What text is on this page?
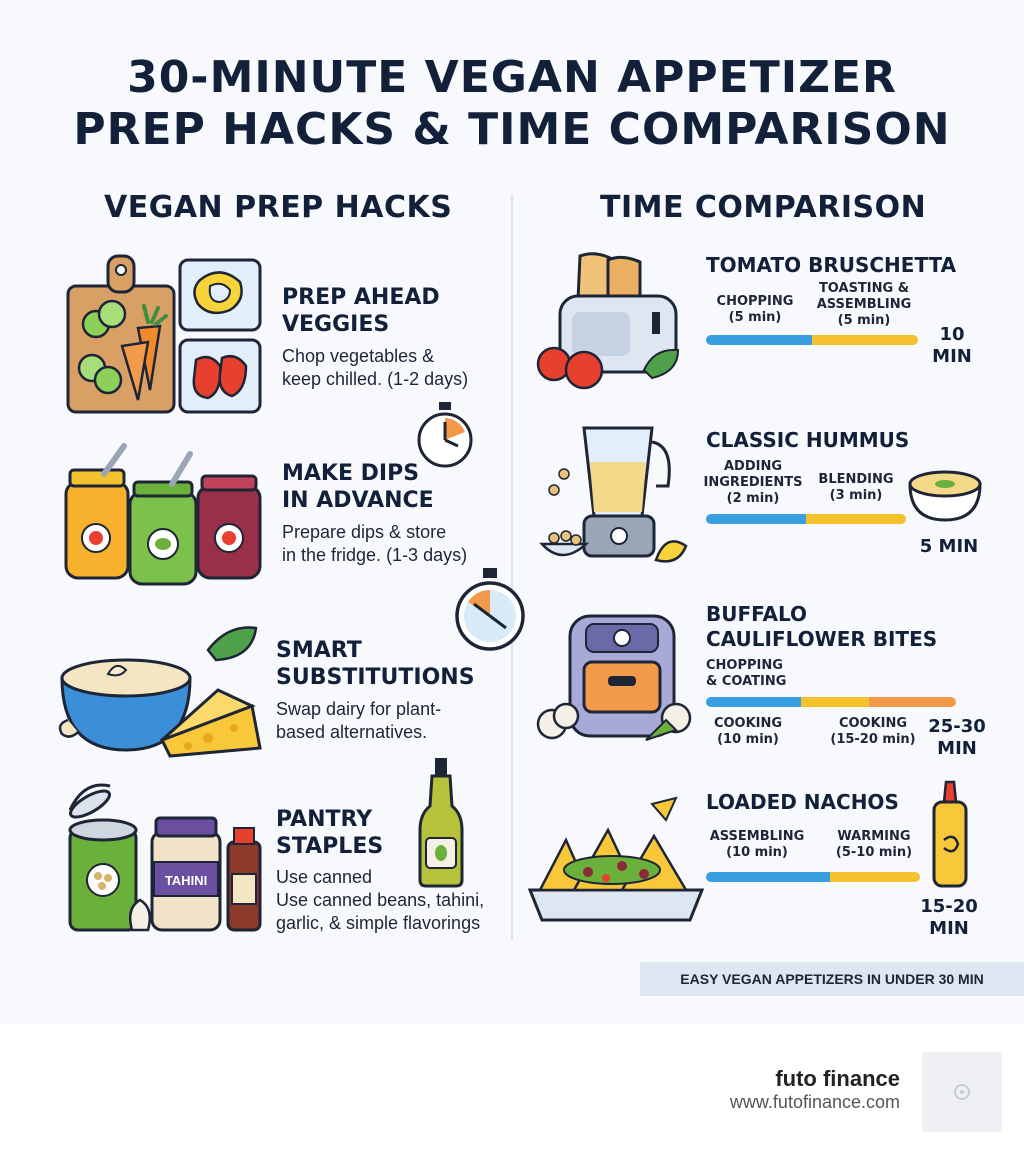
30-MINUTE VEGAN APPETIZER
PREP HACKS & TIME COMPARISON
VEGAN PREP HACKS	TIME COMPARISON
PREP AHEAD
VEGGIES
Chop vegetables &
keep chilled. (1-2 days)
MAKE DIPS
IN ADVANCE
Prepare dips & store
in the fridge. (1-3 days)
SMART
SUBSTITUTIONS
Swap dairy for plant-
based alternatives.
TAHINI
PANTRY
STAPLES
Use canned
Use canned beans, tahini,
garlic, & simple flavorings
TOMATO BRUSCHETTA
CHOPPING
(5 min)
TOASTING &
ASSEMBLING
(5 min)
10
MIN
CLASSIC HUMMUS
ADDING
INGREDIENTS
(2 min)
BLENDING
(3 min)
5 MIN
BUFFALO
CAULIFLOWER BITES
CHOPPING
& COATING
COOKING
(10 min)
COOKING
(15-20 min)
25-30
MIN
LOADED NACHOS
ASSEMBLING
(10 min)
WARMING
(5-10 min)
15-20
MIN
EASY VEGAN APPETIZERS IN UNDER 30 MIN
futo finance
www.futofinance.com
